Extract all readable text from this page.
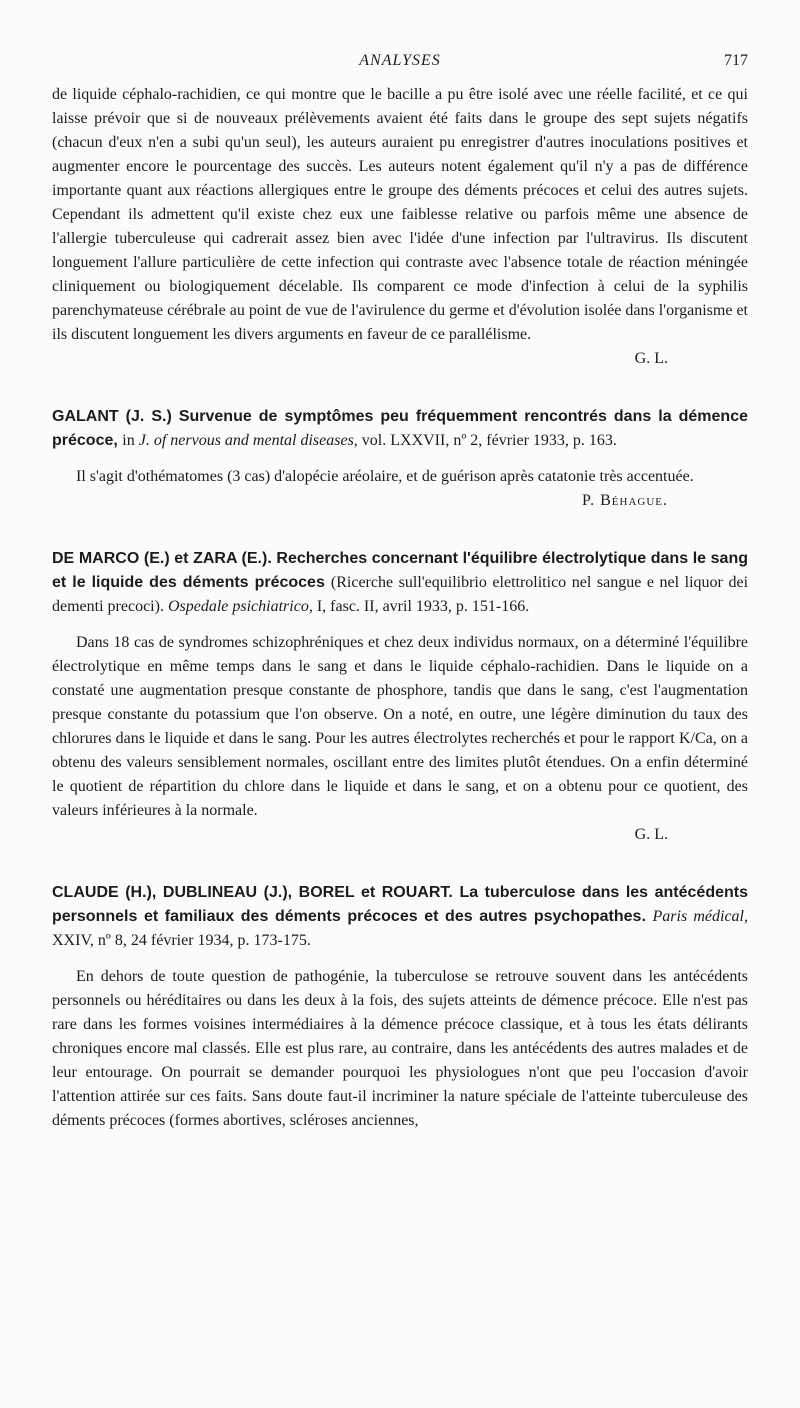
ANALYSES	717

de liquide céphalo-rachidien, ce qui montre que le bacille a pu être isolé avec une réelle facilité, et ce qui laisse prévoir que si de nouveaux prélèvements avaient été faits dans le groupe des sept sujets négatifs (chacun d'eux n'en a subi qu'un seul), les auteurs auraient pu enregistrer d'autres inoculations positives et augmenter encore le pourcentage des succès. Les auteurs notent également qu'il n'y a pas de différence importante quant aux réactions allergiques entre le groupe des déments précoces et celui des autres sujets. Cependant ils admettent qu'il existe chez eux une faiblesse relative ou parfois même une absence de l'allergie tuberculeuse qui cadrerait assez bien avec l'idée d'une infection par l'ultravirus. Ils discutent longuement l'allure particulière de cette infection qui contraste avec l'absence totale de réaction méningée cliniquement ou biologiquement décelable. Ils comparent ce mode d'infection à celui de la syphilis parenchymateuse cérébrale au point de vue de l'avirulence du germe et d'évolution isolée dans l'organisme et ils discutent longuement les divers arguments en faveur de ce parallélisme.

G. L.

GALANT (J. S.) Survenue de symptômes peu fréquemment rencontrés dans la démence précoce, in J. of nervous and mental diseases, vol. LXXVII, nº 2, février 1933, p. 163.

Il s'agit d'othématomes (3 cas) d'alopécie aréolaire, et de guérison après catatonie très accentuée.

P. Béhague.

DE MARCO (E.) et ZARA (E.). Recherches concernant l'équilibre électrolytique dans le sang et le liquide des déments précoces (Ricerche sull'equilibrio elettrolitico nel sangue e nel liquor dei dementi precoci). Ospedale psichiatrico, I, fasc. II, avril 1933, p. 151-166.

Dans 18 cas de syndromes schizophréniques et chez deux individus normaux, on a déterminé l'équilibre électrolytique en même temps dans le sang et dans le liquide céphalo-rachidien. Dans le liquide on a constaté une augmentation presque constante de phosphore, tandis que dans le sang, c'est l'augmentation presque constante du potassium que l'on observe. On a noté, en outre, une légère diminution du taux des chlorures dans le liquide et dans le sang. Pour les autres électrolytes recherchés et pour le rapport K/Ca, on a obtenu des valeurs sensiblement normales, oscillant entre des limites plutôt étendues. On a enfin déterminé le quotient de répartition du chlore dans le liquide et dans le sang, et on a obtenu pour ce quotient, des valeurs inférieures à la normale.

G. L.

CLAUDE (H.), DUBLINEAU (J.), BOREL et ROUART. La tuberculose dans les antécédents personnels et familiaux des déments précoces et des autres psychopathes. Paris médical, XXIV, nº 8, 24 février 1934, p. 173-175.

En dehors de toute question de pathogénie, la tuberculose se retrouve souvent dans les antécédents personnels ou héréditaires ou dans les deux à la fois, des sujets atteints de démence précoce. Elle n'est pas rare dans les formes voisines intermédiaires à la démence précoce classique, et à tous les états délirants chroniques encore mal classés. Elle est plus rare, au contraire, dans les antécédents des autres malades et de leur entourage. On pourrait se demander pourquoi les physiologues n'ont que peu l'occasion d'avoir l'attention attirée sur ces faits. Sans doute faut-il incriminer la nature spéciale de l'atteinte tuberculeuse des déments précoces (formes abortives, scléroses anciennes,
